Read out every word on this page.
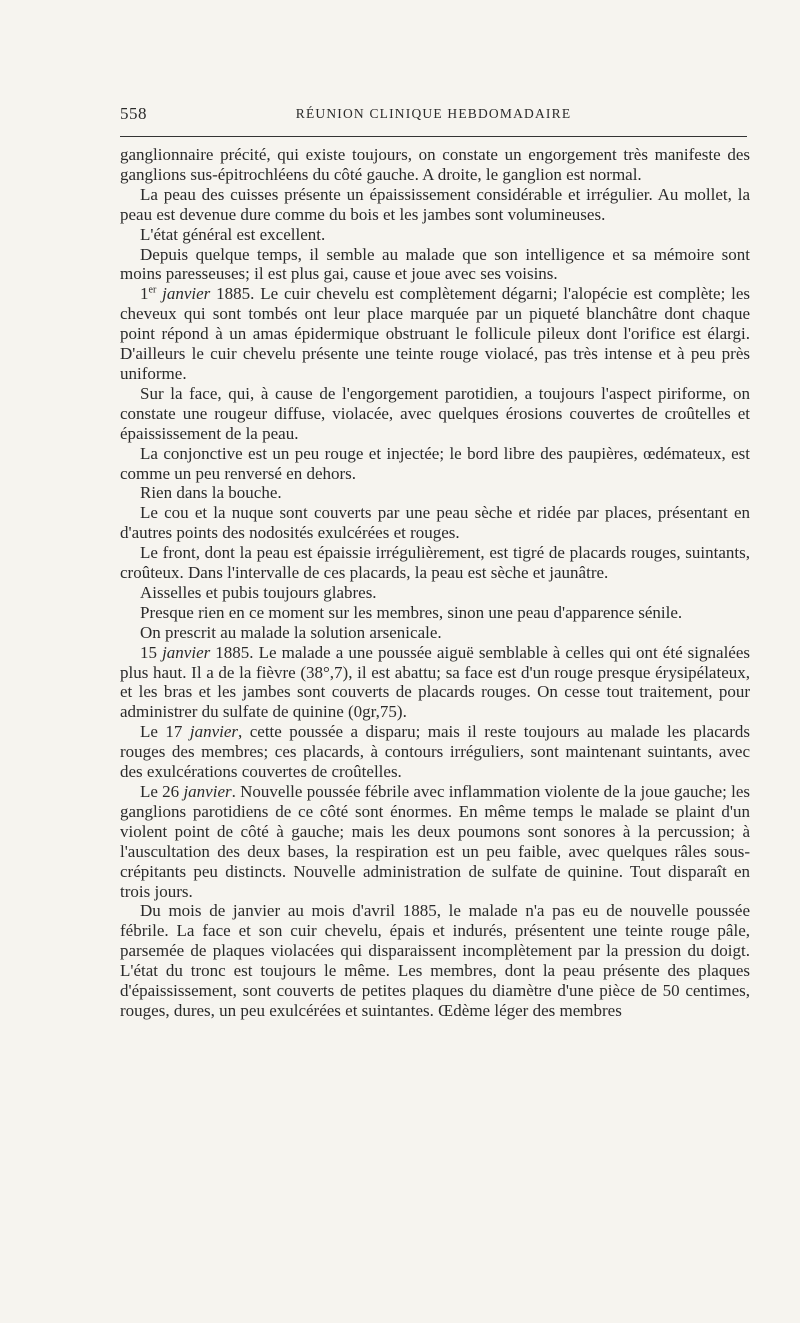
558	RÉUNION CLINIQUE HEBDOMADAIRE

ganglionnaire précité, qui existe toujours, on constate un engorgement très manifeste des ganglions sus-épitrochléens du côté gauche. A droite, le ganglion est normal.

La peau des cuisses présente un épaississement considérable et irrégulier. Au mollet, la peau est devenue dure comme du bois et les jambes sont volumineuses.

L'état général est excellent.

Depuis quelque temps, il semble au malade que son intelligence et sa mémoire sont moins paresseuses; il est plus gai, cause et joue avec ses voisins.

1er janvier 1885. Le cuir chevelu est complètement dégarni; l'alopécie est complète; les cheveux qui sont tombés ont leur place marquée par un piqueté blanchâtre dont chaque point répond à un amas épidermique obstruant le follicule pileux dont l'orifice est élargi. D'ailleurs le cuir chevelu présente une teinte rouge violacé, pas très intense et à peu près uniforme.

Sur la face, qui, à cause de l'engorgement parotidien, a toujours l'aspect piriforme, on constate une rougeur diffuse, violacée, avec quelques érosions couvertes de croûtelles et épaississement de la peau.

La conjonctive est un peu rouge et injectée; le bord libre des paupières, œdémateux, est comme un peu renversé en dehors.

Rien dans la bouche.

Le cou et la nuque sont couverts par une peau sèche et ridée par places, présentant en d'autres points des nodosités exulcérées et rouges.

Le front, dont la peau est épaissie irrégulièrement, est tigré de placards rouges, suintants, croûteux. Dans l'intervalle de ces placards, la peau est sèche et jaunâtre.

Aisselles et pubis toujours glabres.

Presque rien en ce moment sur les membres, sinon une peau d'apparence sénile.

On prescrit au malade la solution arsenicale.

15 janvier 1885. Le malade a une poussée aiguë semblable à celles qui ont été signalées plus haut. Il a de la fièvre (38°,7), il est abattu; sa face est d'un rouge presque érysipélateux, et les bras et les jambes sont couverts de placards rouges. On cesse tout traitement, pour administrer du sulfate de quinine (0gr,75).

Le 17 janvier, cette poussée a disparu; mais il reste toujours au malade les placards rouges des membres; ces placards, à contours irréguliers, sont maintenant suintants, avec des exulcérations couvertes de croûtelles.

Le 26 janvier. Nouvelle poussée fébrile avec inflammation violente de la joue gauche; les ganglions parotidiens de ce côté sont énormes. En même temps le malade se plaint d'un violent point de côté à gauche; mais les deux poumons sont sonores à la percussion; à l'auscultation des deux bases, la respiration est un peu faible, avec quelques râles sous-crépitants peu distincts. Nouvelle administration de sulfate de quinine. Tout disparaît en trois jours.

Du mois de janvier au mois d'avril 1885, le malade n'a pas eu de nouvelle poussée fébrile. La face et son cuir chevelu, épais et indurés, présentent une teinte rouge pâle, parsemée de plaques violacées qui disparaissent incomplètement par la pression du doigt. L'état du tronc est toujours le même. Les membres, dont la peau présente des plaques d'épaississement, sont couverts de petites plaques du diamètre d'une pièce de 50 centimes, rouges, dures, un peu exulcérées et suintantes. Œdème léger des membres
